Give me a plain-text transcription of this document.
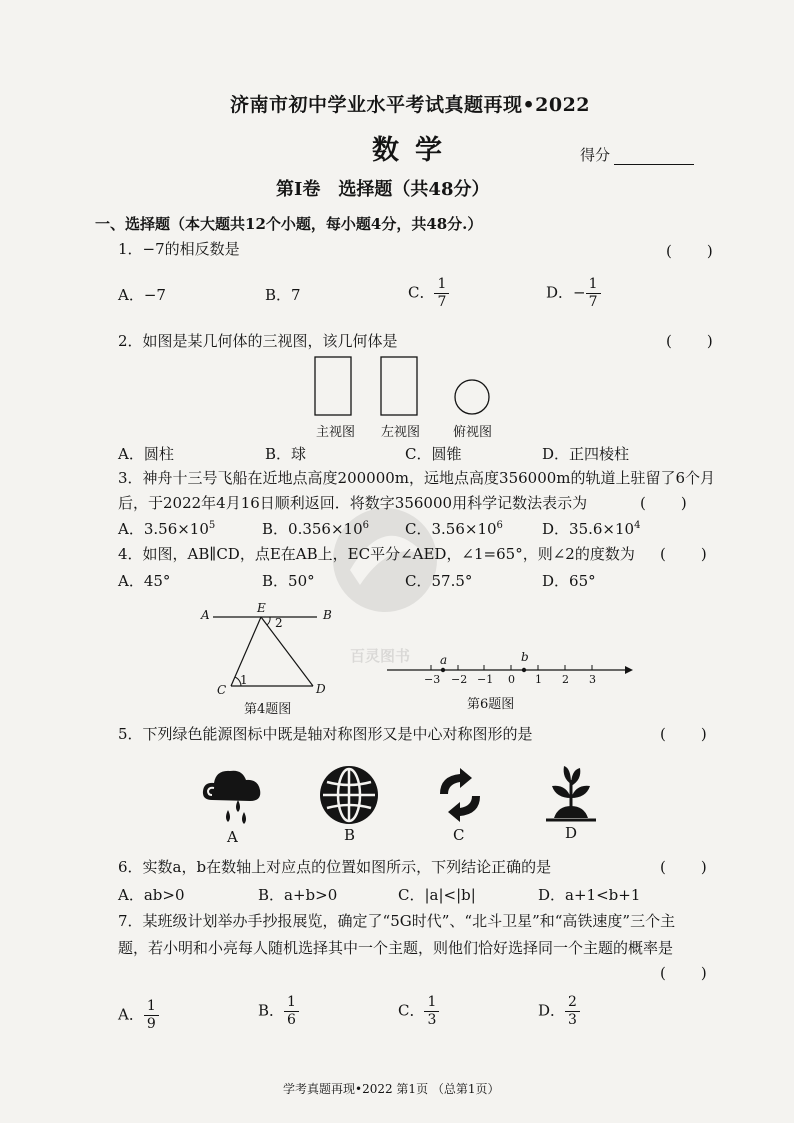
百灵图书
济南市初中学业水平考试真题再现•2022
数学	得分
第Ⅰ卷　选择题（共48分）
一、选择题（本大题共12个小题，每小题4分，共48分.）
1．−7的相反数是	(　)
A．−7	B．7	C． $\frac{1}{7}$	D．− $\frac{1}{7}$
2．如图是某几何体的三视图，该几何体是	(　)
主视图 左视图	俯视图
A．圆柱	B．球	C．圆锥	D．正四棱柱
3．神舟十三号飞船在近地点高度200000m，远地点高度356000m的轨道上驻留了6个月
后，于2022年4月16日顺利返回．将数字356000用科学记数法表示为	(　)
A．$3.56\times 10^5$	B．$0.356\times 10^6$ C．$3.56\times 10^6$	D．$35.6\times 10^4$
4．如图，AB∥CD，点E在AB上，EC平分∠AED，∠1=65°，则∠2的度数为 (　)
A．45°	B．50°	C．57.5°	D．65°
A	E
2
B
1
C	D
第4题图
a	b
−3 −2 −1 0 1 2 3
第6题图
5．下列绿色能源图标中既是轴对称图形又是中心对称图形的是	(　)
A	B	C	D
6．实数a，b在数轴上对应点的位置如图所示，下列结论正确的是	(　)
A．ab>0	B．a+b>0	C．|a|<|b|	D．a+1<b+1
7．某班级计划举办手抄报展览，确定了“5G时代”、“北斗卫星”和“高铁速度”三个主
题，若小明和小亮每人随机选择其中一个主题，则他们恰好选择同一个主题的概率是
(　)
A． $\frac{1}{9}$	B． $\frac{1}{6}$	C． $\frac{1}{3}$	D． $\frac{2}{3}$
学考真题再现•2022 第1页 （总第1页）
